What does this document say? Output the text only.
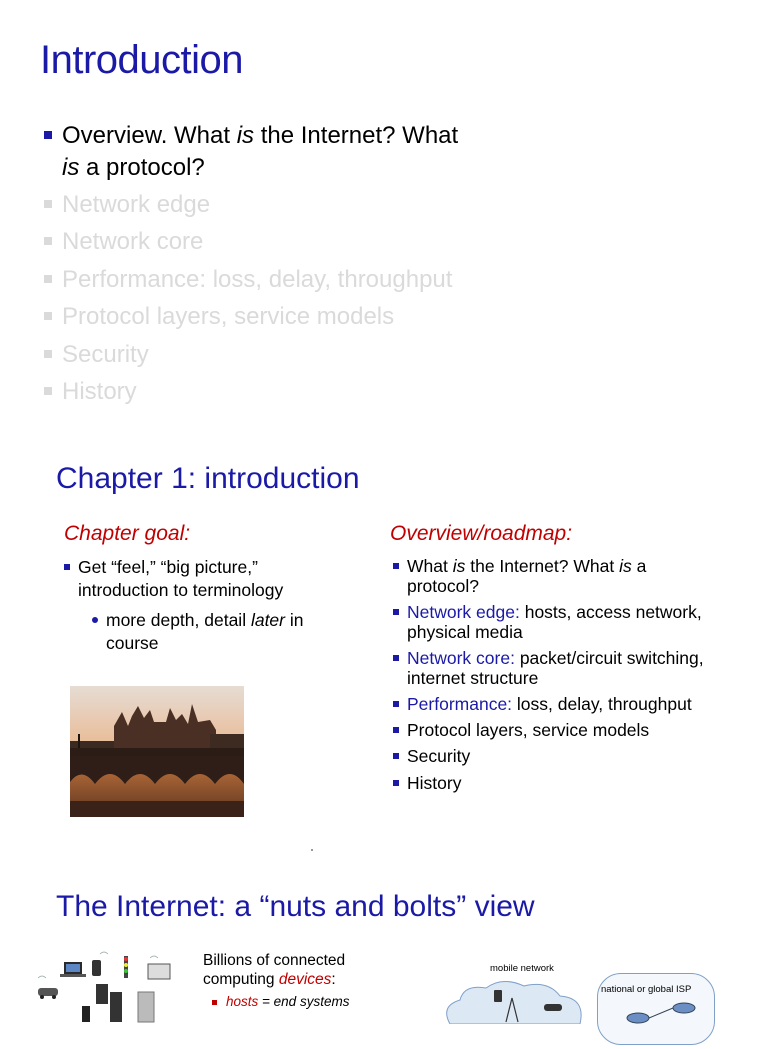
Introduction
Overview. What is the Internet? What
is a protocol?
Network edge
Network core
Performance: loss, delay, throughput
Protocol layers, service models
Security
History
Chapter 1: introduction
Chapter goal:	Overview/roadmap:
Get “feel,” “big picture,”
introduction to terminology
more depth, detail later in
course
What is the Internet? What is a
protocol?
Network edge: hosts, access network,
physical media
Network core: packet/circuit switching,
internet structure
Performance: loss, delay, throughput
Protocol layers, service models
Security
History
The Internet: a “nuts and bolts” view
Billions of connected
computing devices:
hosts = end systems
mobile network
national or global ISP
